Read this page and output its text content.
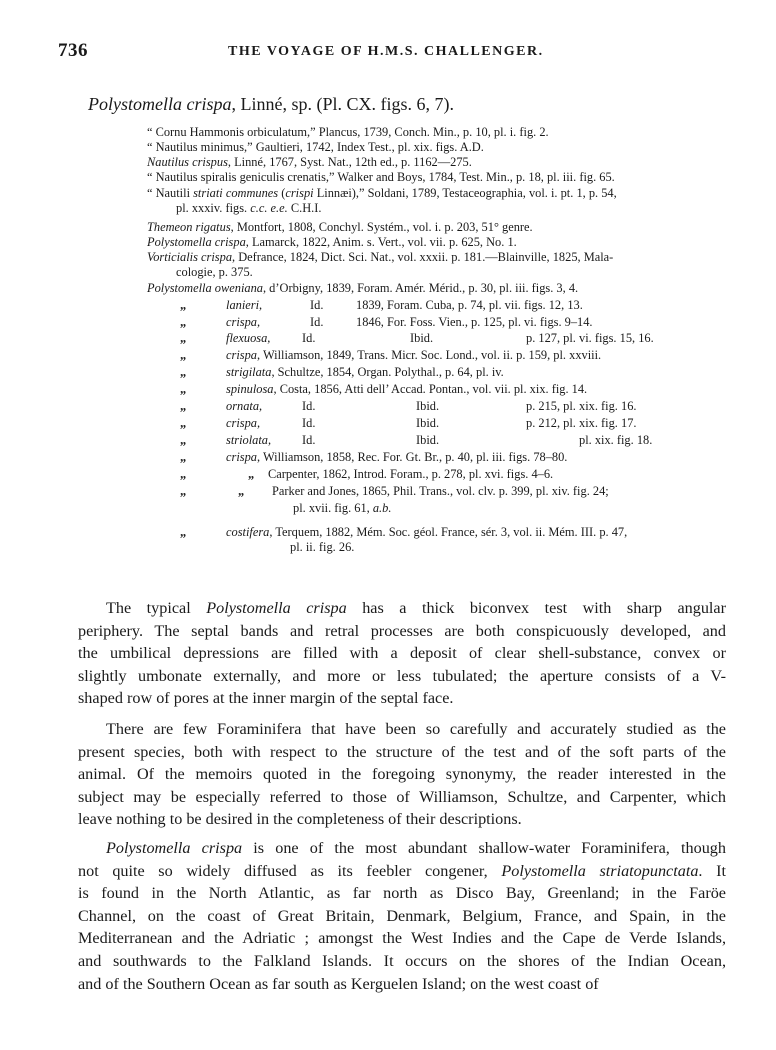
736	THE VOYAGE OF H.M.S. CHALLENGER.
Polystomella crispa, Linné, sp. (Pl. CX. figs. 6, 7).
“ Cornu Hammonis orbiculatum,” Plancus, 1739, Conch. Min., p. 10, pl. i. fig. 2.
“ Nautilus minimus,” Gaultieri, 1742, Index Test., pl. xix. figs. A.D.
Nautilus crispus, Linné, 1767, Syst. Nat., 12th ed., p. 1162—275.
“ Nautilus spiralis geniculis crenatis,” Walker and Boys, 1784, Test. Min., p. 18, pl. iii. fig. 65.
“ Nautili striati communes (crispi Linnæi),” Soldani, 1789, Testaceographia, vol. i. pt. 1, p. 54,
pl. xxxiv. figs. c.c. e.e. C.H.I.
Themeon rigatus, Montfort, 1808, Conchyl. Systém., vol. i. p. 203, 51° genre.
Polystomella crispa, Lamarck, 1822, Anim. s. Vert., vol. vii. p. 625, No. 1.
Vorticialis crispa, Defrance, 1824, Dict. Sci. Nat., vol. xxxii. p. 181.—Blainville, 1825, Mala-
cologie, p. 375.
Polystomella oweniana, d’Orbigny, 1839, Foram. Amér. Mérid., p. 30, pl. iii. figs. 3, 4.
„	lanieri,	Id.	1839, Foram. Cuba, p. 74, pl. vii. figs. 12, 13.
„	crispa,	Id.	1846, For. Foss. Vien., p. 125, pl. vi. figs. 9–14.
„	flexuosa,	Id.	Ibid.	p. 127, pl. vi. figs. 15, 16.
„	crispa, Williamson, 1849, Trans. Micr. Soc. Lond., vol. ii. p. 159, pl. xxviii.
„	strigilata, Schultze, 1854, Organ. Polythal., p. 64, pl. iv.
„	spinulosa, Costa, 1856, Atti dell’ Accad. Pontan., vol. vii. pl. xix. fig. 14.
„	ornata,	Id.	Ibid.	p. 215, pl. xix. fig. 16.
„	crispa,	Id.	Ibid.	p. 212, pl. xix. fig. 17.
„	striolata, Id.	Ibid.	pl. xix. fig. 18.
„	crispa, Williamson, 1858, Rec. For. Gt. Br., p. 40, pl. iii. figs. 78–80.
„	„ Carpenter, 1862, Introd. Foram., p. 278, pl. xvi. figs. 4–6.
„	„ Parker and Jones, 1865, Phil. Trans., vol. clv. p. 399, pl. xiv. fig. 24;
pl. xvii. fig. 61, a.b.
„	costifera, Terquem, 1882, Mém. Soc. géol. France, sér. 3, vol. ii. Mém. III. p. 47,
pl. ii. fig. 26.
The typical Polystomella crispa has a thick biconvex test with sharp angular
periphery. The septal bands and retral processes are both conspicuously developed, and
the umbilical depressions are filled with a deposit of clear shell-substance, convex or
slightly umbonate externally, and more or less tubulated; the aperture consists of a V-
shaped row of pores at the inner margin of the septal face.
There are few Foraminifera that have been so carefully and accurately studied as the
present species, both with respect to the structure of the test and of the soft parts of the
animal. Of the memoirs quoted in the foregoing synonymy, the reader interested in the
subject may be especially referred to those of Williamson, Schultze, and Carpenter, which
leave nothing to be desired in the completeness of their descriptions.
Polystomella crispa is one of the most abundant shallow-water Foraminifera, though
not quite so widely diffused as its feebler congener, Polystomella striatopunctata. It
is found in the North Atlantic, as far north as Disco Bay, Greenland; in the Faröe
Channel, on the coast of Great Britain, Denmark, Belgium, France, and Spain, in the
Mediterranean and the Adriatic ; amongst the West Indies and the Cape de Verde Islands,
and southwards to the Falkland Islands. It occurs on the shores of the Indian Ocean,
and of the Southern Ocean as far south as Kerguelen Island; on the west coast of
